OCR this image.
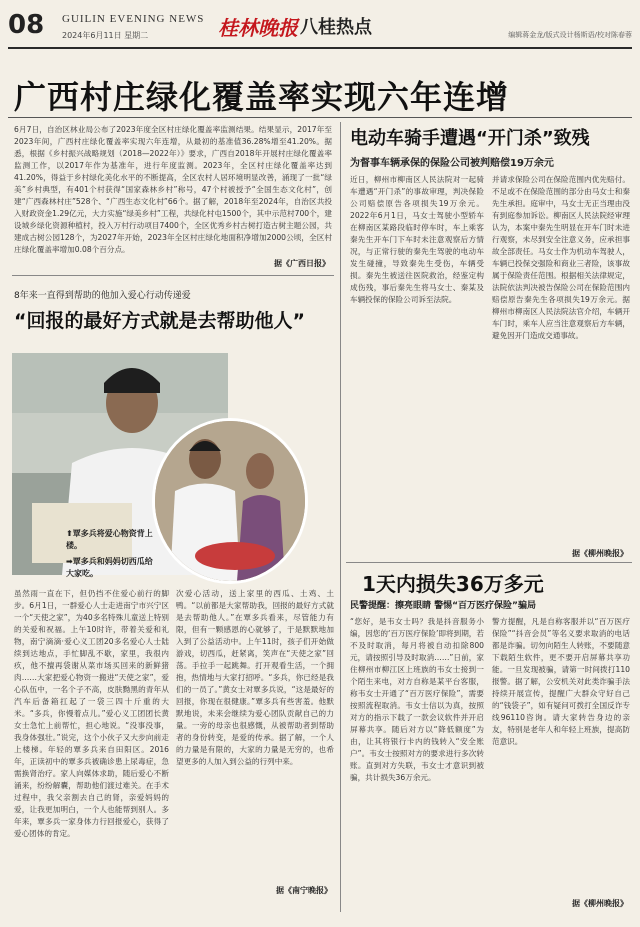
08 GUILIN EVENING NEWS
2024年6月11日 星期二	桂林晚报 八桂热点	编辑蒋金龙/版式设计杨斯语/校对陈春蓉
广西村庄绿化覆盖率实现六年连增
6月7日，自治区林业局公布了2023年度全区村庄绿化覆盖率监测结果。结果显示，2017年至2023年间，广西村庄绿化覆盖率实现六年连增，从最初的基准值36.28%增至41.20%。据悉，根据《乡村振兴战略规划（2018—2022年）》要求，广西自2018年开展村庄绿化覆盖率监测工作，以2017年作为基准年，进行年度监测。2023年，全区村庄绿化覆盖率达到41.20%，得益于乡村绿化美化水平的不断提高，全区农村人居环境明显改善，涌现了一批“绿美”乡村典型，有401个村获得“国家森林乡村”称号，47个村被授予“全国生态文化村”，创建“广西森林村庄”528个、“广西生态文化村”66个。据了解，2018年至2024年，自治区共投入财政资金1.29亿元，大力实施“绿美乡村”工程，共绿化村屯1500个，其中示范村700个，建设城乡绿化资源种植村，投入万村行动项目7400个，全区优秀乡村古树打造古树主题公园，共建成古树公园128个，为2027年开始，2023年全区村庄绿化地面积净增加2000公顷，全区村庄绿化覆盖率增加0.08个百分点。
据《广西日报》
8年来一直得到帮助的他加入爱心行动传递爱
“回报的最好方式就是去帮助他人”
⬆覃多兵将爱心物资背上楼。
➡覃多兵和妈妈切西瓜给大家吃。
虽然雨一直在下，但仍挡不住爱心前行的脚步。6月1日，一群爱心人士走进南宁市兴宁区一个“天使之家”，为40多名特殊儿童送上特别的关爱和祝福。上午10时许，带着关爱和礼物，南宁滴滴·爱心义工团20多名爱心人士陆续到达地点，手忙脚乱不歇，家里，我很内疚，他不擅再袋谢从菜市场买回来的新鲜猪肉……大家把爱心物资一搬进“天使之家”，爱心队伍中，一名个子不高，皮肤黝黑的青年从汽车后备箱扛起了一袋三四十斤重的大米。“多兵，你慢着点儿。”爱心义工团团长黄女士急忙上前帮忙，担心地说。“没事没事，我身体强壮。”说完，这个小伙子又大步向前走上楼梯。年轻的覃多兵来自田阳区。2016年，正读初中的覃多兵被确诊患上尿毒症，急需换肾治疗。家人向媒体求助，随后爱心不断涌来，纷纷解囊，帮助他们渡过难关。在手术过程中，我父亲割去自己的肾，亲爱妈妈的爱，让我更加明白，一个人也能帮到别人。多年来，覃多兵一家身体力行回报爱心，获得了爱心团体的肯定。
次爱心活动，送上家里的西瓜、土鸡、土鸭。“以前都是大家帮助我，回报的最好方式就是去帮助他人。”在覃多兵看来，尽管能力有限，但有一颗感恩的心就够了，于是默默地加入到了公益活动中。上午11时，孩子们开始做游戏，切西瓜，赶紧离，笑声在“天使之家”回荡。手拉手一起跳舞。打开观看生活，一个拥抱，热情地与大家打招呼。“多兵，你已经是我们的一员了。”黄女士对覃多兵说，“这是最好的回报，你现在很健康。”覃多兵有些害羞。他默默地说，未来会继续为爱心团队贡献自己的力量。一旁的母亲也很感慨，从被帮助者到帮助者的身份转变，是爱的传承。据了解，一个人的力量是有限的，大家的力量是无穷的，也希望更多的人加入到公益的行列中来。
据《南宁晚报》
电动车骑手遭遇“开门杀”致残
为督事车辆承保的保险公司被判赔偿19万余元
近日，柳州市柳南区人民法院对一起骑车遭遇“开门杀”的事故审理，判决保险公司赔偿原告各项损失19万余元。2022年6月1日，马女士驾驶小型轿车在柳南区某路段临时停车时，车上乘客秦先生开车门下车时未注意观察后方情况，与正常行驶的秦先生驾驶的电动车发生碰撞，导致秦先生受伤，车辆受损。秦先生被送往医院救治，经鉴定构成伤残，事后秦先生将马女士、秦某及车辆投保的保险公司诉至法院。
并请求保险公司在保险范围内优先赔付。不足或不在保险范围的部分由马女士和秦先生承担。庭审中，马女士无正当理由没有到庭参加诉讼。柳南区人民法院经审理认为，本案中秦先生明显在开车门时未进行观察，未尽到安全注意义务，应承担事故全部责任。马女士作为机动车驾驶人，车辆已投保交强险和商业三者险，该事故属于保险责任范围。根据相关法律规定，法院依法判决被告保险公司在保险范围内赔偿原告秦先生各项损失19万余元。据柳州市柳南区人民法院法官介绍，车辆开车门时，乘车人应当注意观察后方车辆，避免因开门造成交通事故。
据《柳州晚报》
1天内损失36万多元
民警提醒：擦亮眼睛 警惕“百万医疗保险”骗局
“您好，是韦女士吗？我是抖音服务小编，因您的‘百万医疗保险’即将到期，若不及时取消，每月将被自动扣除800元，请按照引导及时取消……”日前，家住柳州市柳江区上班族的韦女士接到一个陌生来电，对方自称是某平台客服，称韦女士开通了“百万医疗保险”，需要按照流程取消。韦女士信以为真，按照对方的指示下载了一款会议软件并开启屏幕共享。随后对方以“降低额度”为由，让其将银行卡内的钱转入“安全账户”。韦女士按照对方的要求进行多次转账。直到对方失联，韦女士才意识到被骗，共计损失36万余元。
警方提醒，凡是自称客服并以“百万医疗保险”“抖音会员”等名义要求取消的电话都是诈骗。切勿向陌生人转账，不要随意下载陌生软件，更不要开启屏幕共享功能。一旦发现被骗，请第一时间拨打110报警。据了解，公安机关对此类诈骗手法持续开展宣传，提醒广大群众守好自己的“钱袋子”，如有疑问可拨打全国反诈专线96110咨询。请大家转告身边的亲友，特别是老年人和年轻上班族，提高防范意识。
据《柳州晚报》
